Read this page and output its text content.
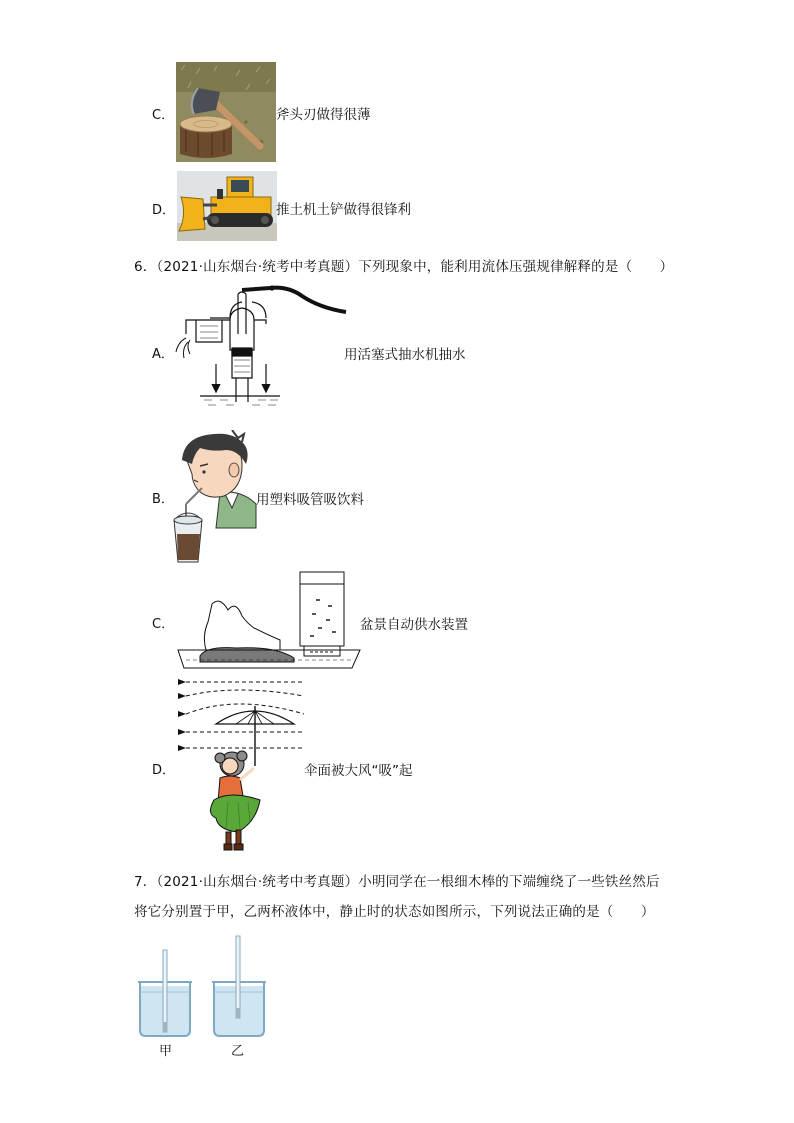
C．	斧头刃做得很薄
D．	推土机土铲做得很锋利
6．（2021·山东烟台·统考中考真题）下列现象中，能利用流体压强规律解释的是（　　）
A．	用活塞式抽水机抽水
B．	用塑料吸管吸饮料
C．	盆景自动供水装置
D．	伞面被大风“吸”起
7．（2021·山东烟台·统考中考真题）小明同学在一根细木棒的下端缠绕了一些铁丝然后
将它分别置于甲，乙两杯液体中，静止时的状态如图所示，下列说法正确的是（　　）
甲	乙
